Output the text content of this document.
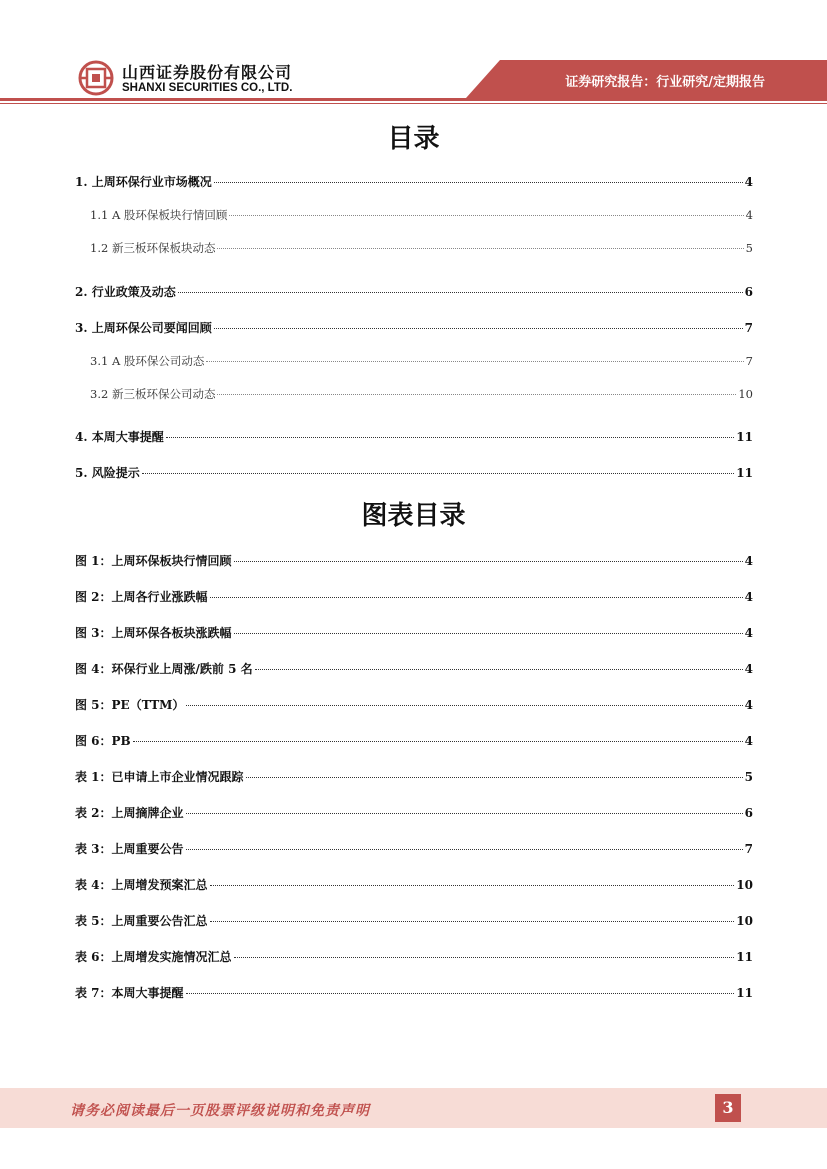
山西证券股份有限公司
SHANXI SECURITIES CO., LTD.	证券研究报告：行业研究/定期报告
目录
1. 上周环保行业市场概况	4
1.1 A 股环保板块行情回顾	4
1.2 新三板环保板块动态	5
2. 行业政策及动态	6
3. 上周环保公司要闻回顾	7
3.1 A 股环保公司动态	7
3.2 新三板环保公司动态	10
4. 本周大事提醒	11
5. 风险提示	11
图表目录
图 1：上周环保板块行情回顾	4
图 2：上周各行业涨跌幅	4
图 3：上周环保各板块涨跌幅	4
图 4：环保行业上周涨/跌前 5 名	4
图 5：PE（TTM）	4
图 6：PB	4
表 1：已申请上市企业情况跟踪	5
表 2：上周摘牌企业	6
表 3：上周重要公告	7
表 4：上周增发预案汇总	10
表 5：上周重要公告汇总	10
表 6：上周增发实施情况汇总	11
表 7：本周大事提醒	11
请务必阅读最后一页股票评级说明和免责声明	3
